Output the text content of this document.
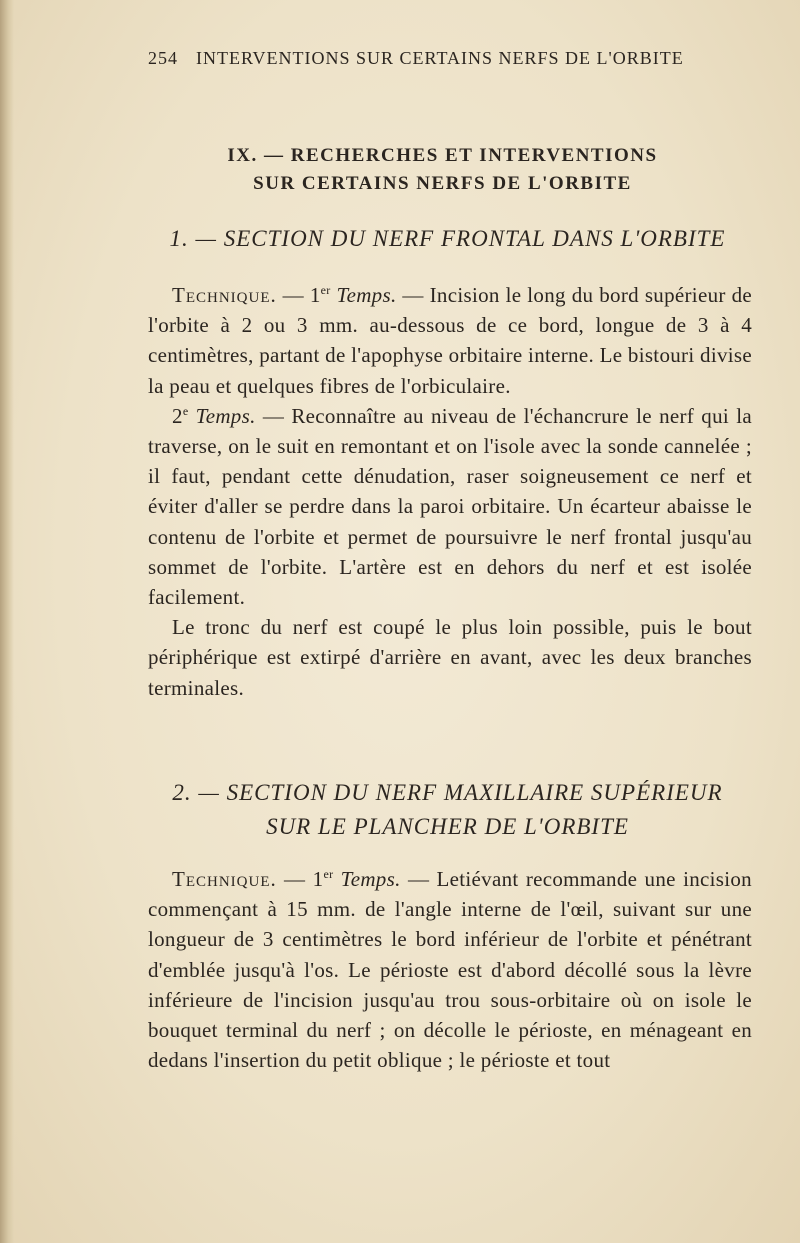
254 INTERVENTIONS SUR CERTAINS NERFS DE L'ORBITE
IX. — RECHERCHES ET INTERVENTIONS
SUR CERTAINS NERFS DE L'ORBITE
1. — SECTION DU NERF FRONTAL DANS L'ORBITE

Technique. — 1er Temps. — Incision le long du bord supérieur de l'orbite à 2 ou 3 mm. au-dessous de ce bord, longue de 3 à 4 centimètres, partant de l'apophyse orbitaire interne. Le bistouri divise la peau et quelques fibres de l'orbiculaire.

2e Temps. — Reconnaître au niveau de l'échancrure le nerf qui la traverse, on le suit en remontant et on l'isole avec la sonde cannelée ; il faut, pendant cette dénudation, raser soigneusement ce nerf et éviter d'aller se perdre dans la paroi orbitaire. Un écarteur abaisse le contenu de l'orbite et permet de poursuivre le nerf frontal jusqu'au sommet de l'orbite. L'artère est en dehors du nerf et est isolée facilement.

Le tronc du nerf est coupé le plus loin possible, puis le bout périphérique est extirpé d'arrière en avant, avec les deux branches terminales.

2. — SECTION DU NERF MAXILLAIRE SUPÉRIEUR
SUR LE PLANCHER DE L'ORBITE

Technique. — 1er Temps. — Letiévant recommande une incision commençant à 15 mm. de l'angle interne de l'œil, suivant sur une longueur de 3 centimètres le bord inférieur de l'orbite et pénétrant d'emblée jusqu'à l'os. Le périoste est d'abord décollé sous la lèvre inférieure de l'incision jusqu'au trou sous-orbitaire où on isole le bouquet terminal du nerf ; on décolle le périoste, en ménageant en dedans l'insertion du petit oblique ; le périoste et tout
